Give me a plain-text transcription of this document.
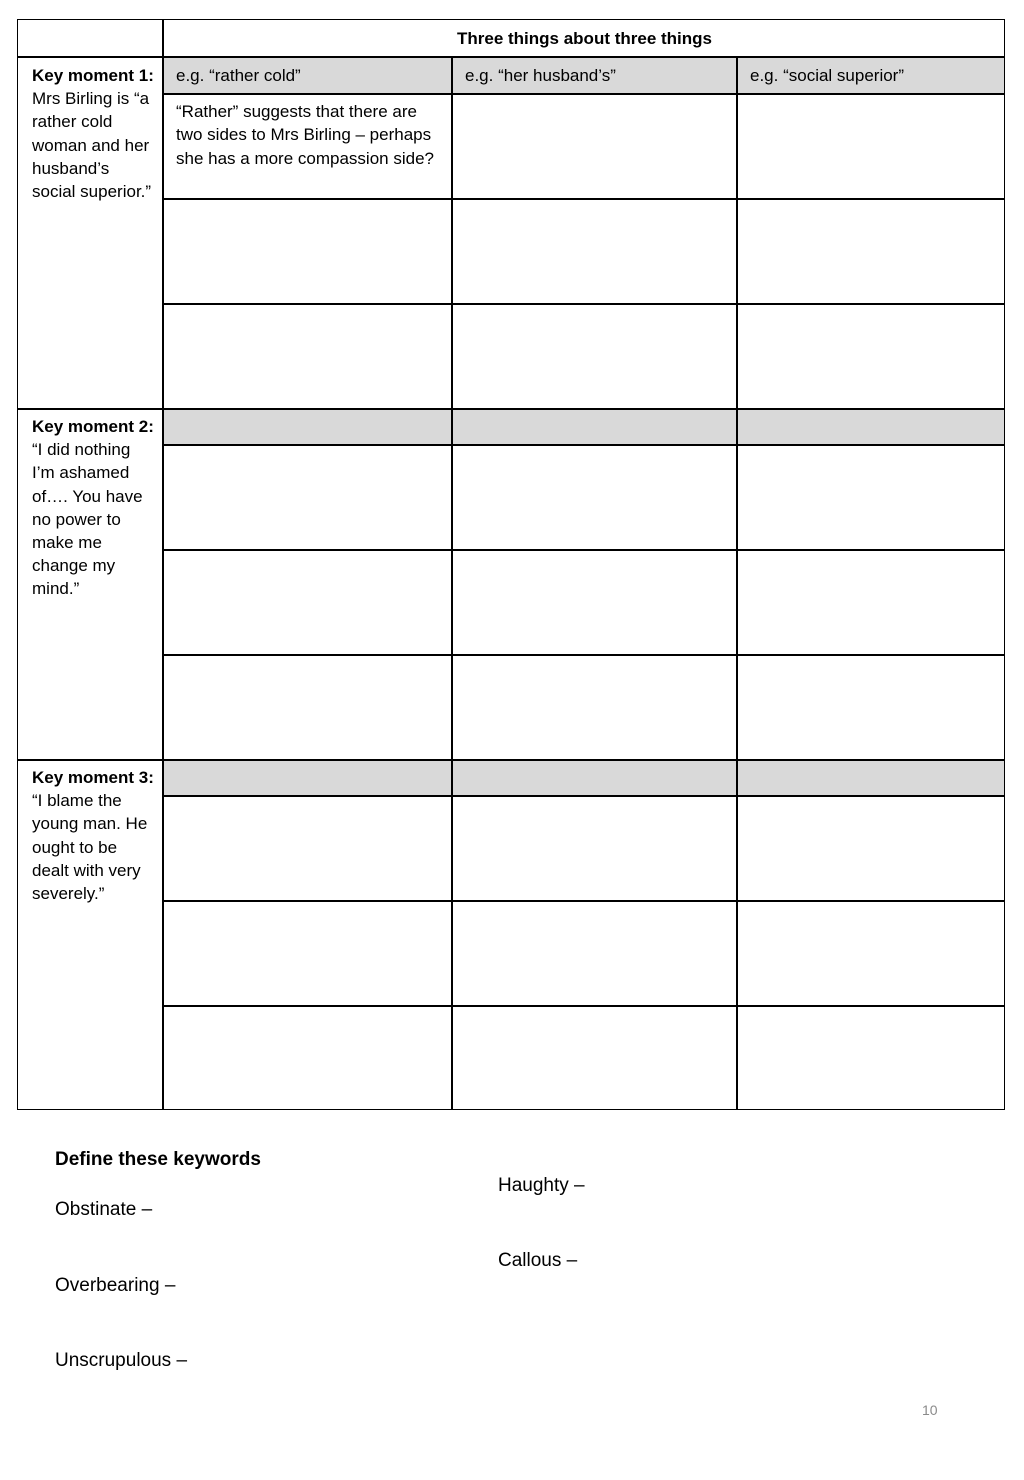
Three things about three things
e.g. “rather cold”	e.g. “her husband’s”	e.g. “social superior”
“Rather” suggests that there are two sides to Mrs Birling – perhaps she has a more compassion side?
Key moment 1: Mrs Birling is “a rather cold woman and her husband’s social superior.”
Key moment 2: “I did nothing I’m ashamed of…. You have no power to make me change my mind.”
Key moment 3: “I blame the young man. He ought to be dealt with very severely.”
Define these keywords
Obstinate –
Overbearing –
Unscrupulous –
Haughty –
Callous –
10
